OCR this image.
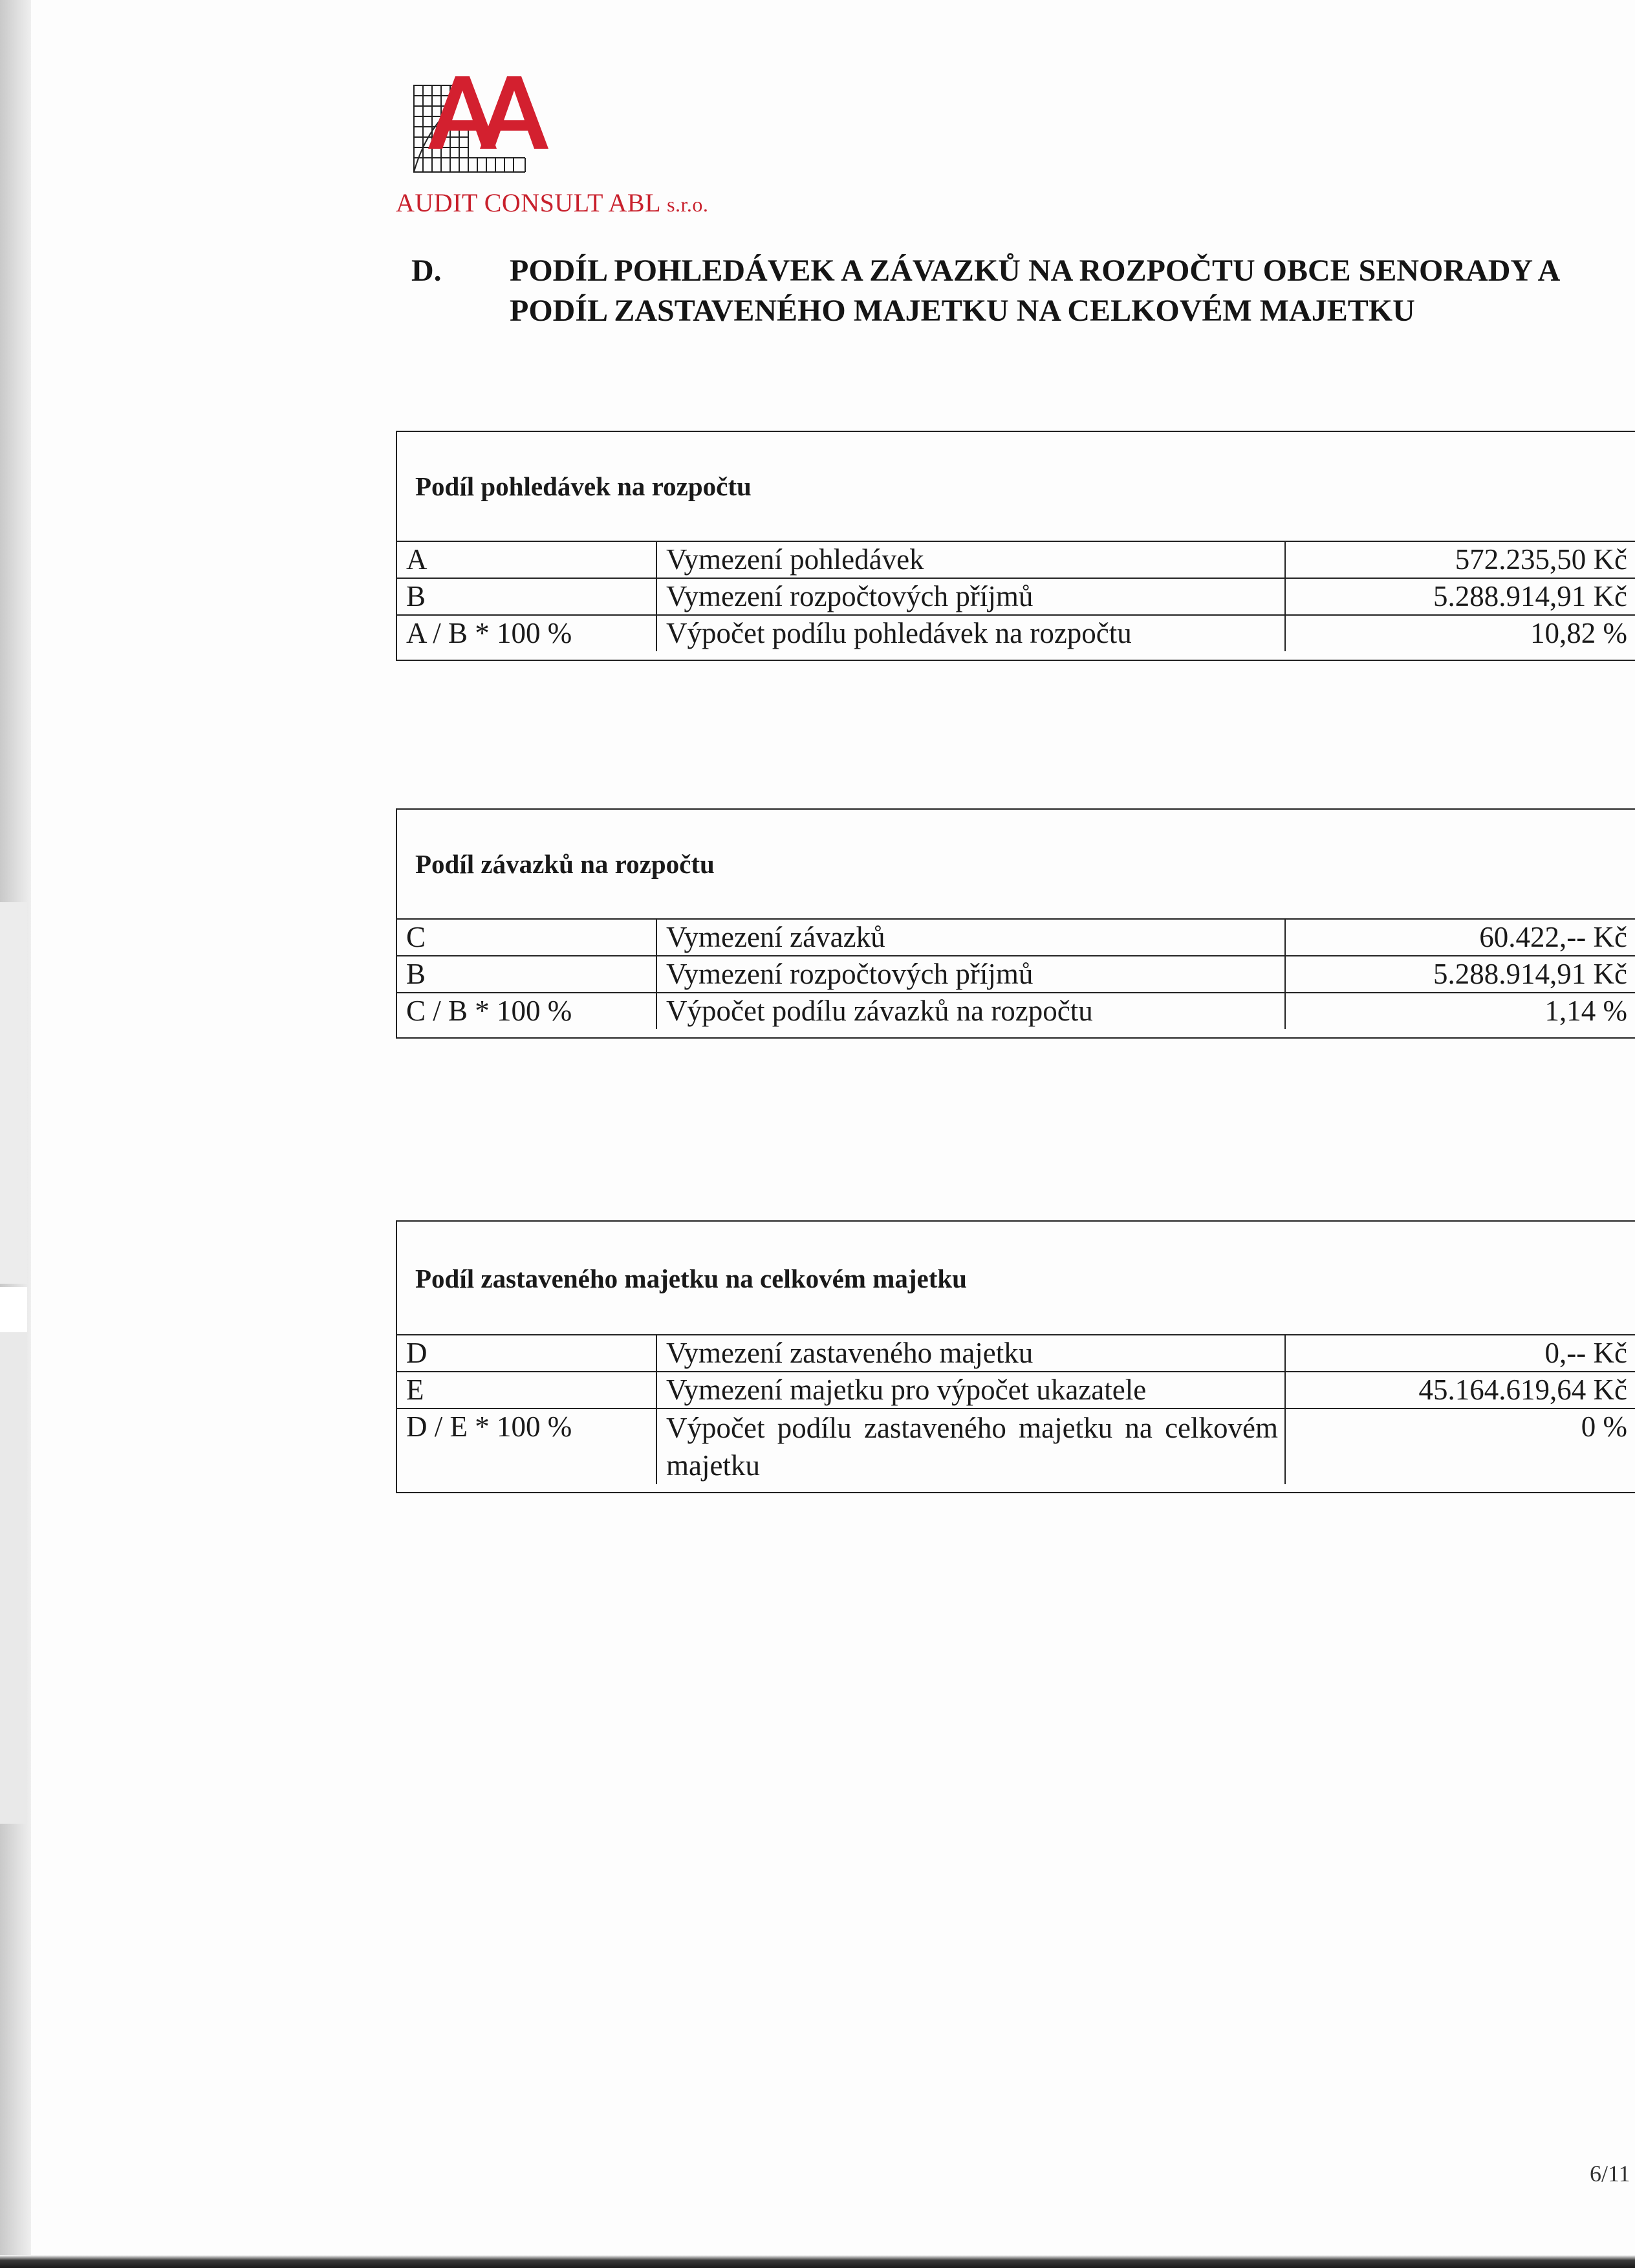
AUDIT CONSULT ABL s.r.o.
D. PODÍL POHLEDÁVEK A ZÁVAZKŮ NA ROZPOČTU OBCE SENORADY A
PODÍL ZASTAVENÉHO MAJETKU NA CELKOVÉM MAJETKU
Podíl pohledávek na rozpočtu
A	Vymezení pohledávek	572.235,50 Kč
B	Vymezení rozpočtových příjmů	5.288.914,91 Kč
A / B * 100 %	Výpočet podílu pohledávek na rozpočtu	10,82 %
Podíl závazků na rozpočtu
C	Vymezení závazků	60.422,-- Kč
B	Vymezení rozpočtových příjmů	5.288.914,91 Kč
C / B * 100 %	Výpočet podílu závazků na rozpočtu	1,14 %
Podíl zastaveného majetku na celkovém majetku
D	Vymezení zastaveného majetku	0,-- Kč
E	Vymezení majetku pro výpočet ukazatele	45.164.619,64 Kč
D / E * 100 %	Výpočet podílu zastaveného majetku na celkovém majetku	0 %
6/11
